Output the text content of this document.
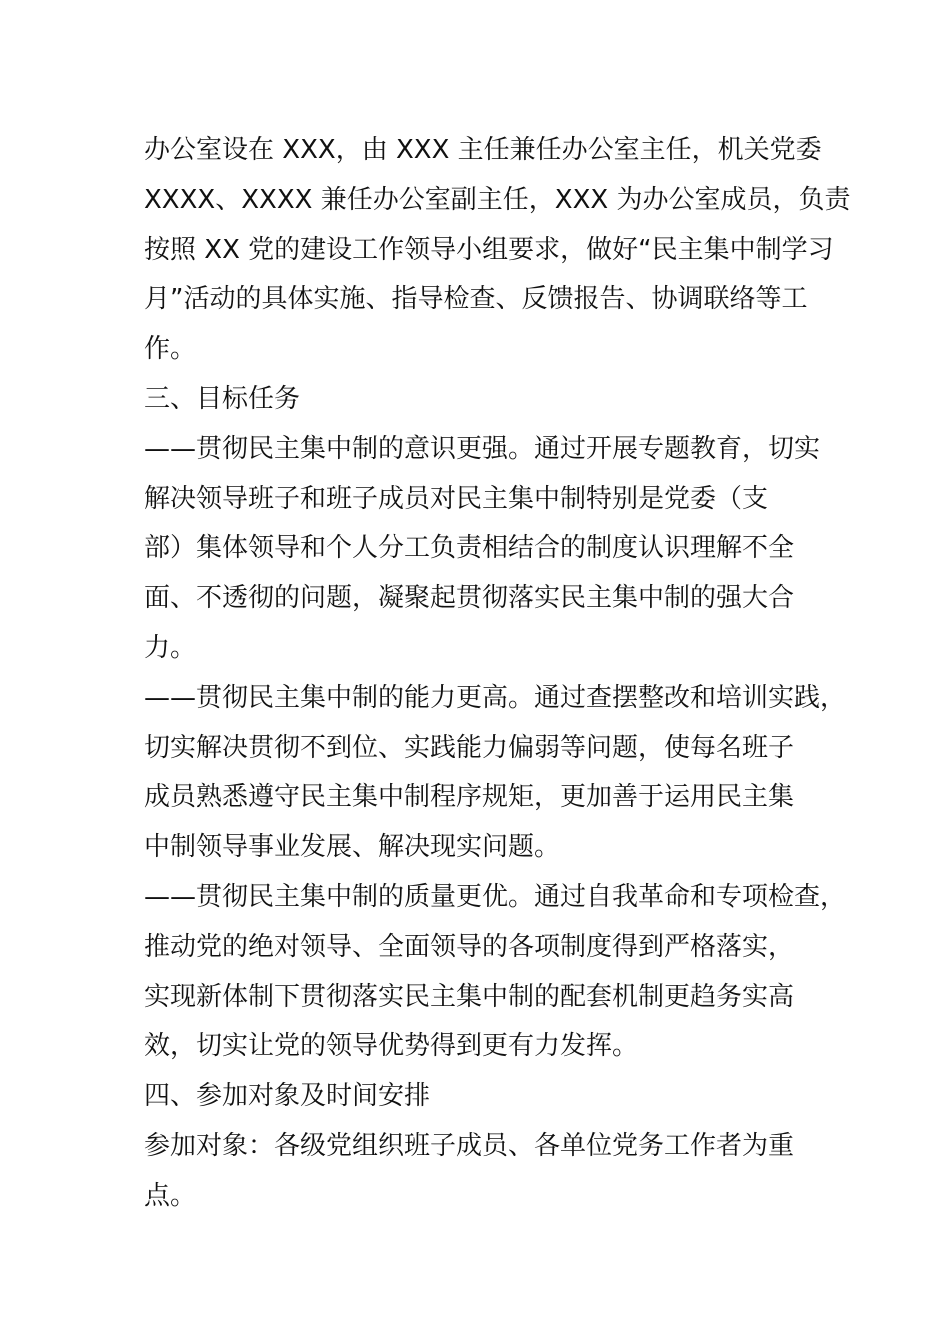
办公室设在 XXX，由 XXX 主任兼任办公室主任，机关党委
XXXX、XXXX 兼任办公室副主任，XXX 为办公室成员，负责
按照 XX 党的建设工作领导小组要求，做好“民主集中制学习
月”活动的具体实施、指导检查、反馈报告、协调联络等工
作。
三、目标任务
——贯彻民主集中制的意识更强。通过开展专题教育，切实
解决领导班子和班子成员对民主集中制特别是党委（支
部）集体领导和个人分工负责相结合的制度认识理解不全
面、不透彻的问题，凝聚起贯彻落实民主集中制的强大合
力。
——贯彻民主集中制的能力更高。通过查摆整改和培训实践，
切实解决贯彻不到位、实践能力偏弱等问题，使每名班子
成员熟悉遵守民主集中制程序规矩，更加善于运用民主集
中制领导事业发展、解决现实问题。
——贯彻民主集中制的质量更优。通过自我革命和专项检查，
推动党的绝对领导、全面领导的各项制度得到严格落实，
实现新体制下贯彻落实民主集中制的配套机制更趋务实高
效，切实让党的领导优势得到更有力发挥。
四、参加对象及时间安排
参加对象：各级党组织班子成员、各单位党务工作者为重
点。
